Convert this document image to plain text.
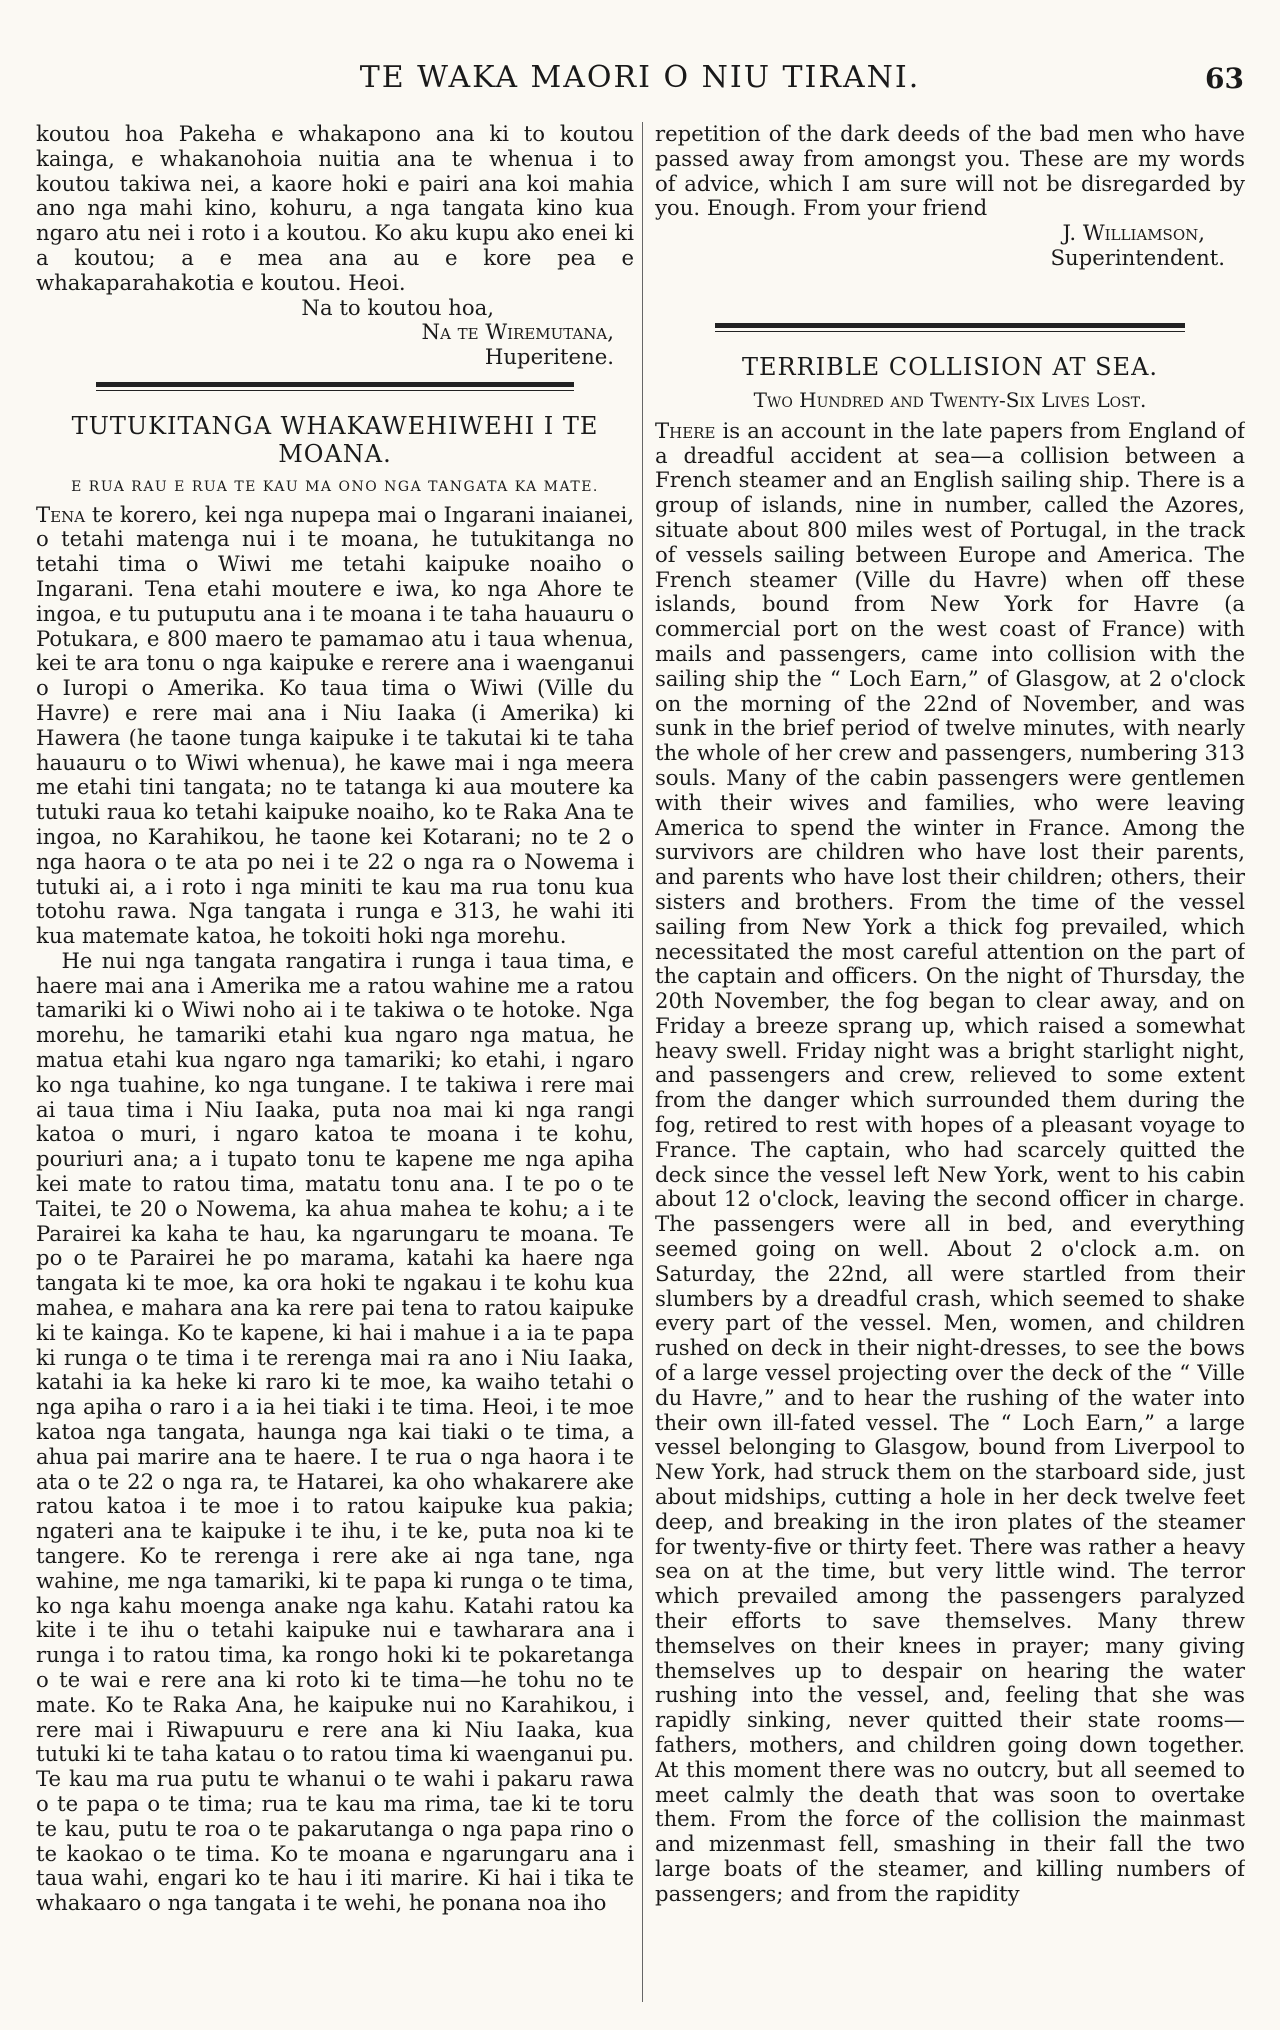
TE WAKA MAORI O NIU TIRANI.	63

koutou hoa Pakeha e whakapono ana ki to koutou kainga, e whakanohoia nuitia ana te whenua i to koutou takiwa nei, a kaore hoki e pairi ana koi mahia ano nga mahi kino, kohuru, a nga tangata kino kua ngaro atu nei i roto i a koutou. Ko aku kupu ako enei ki a koutou; a e mea ana au e kore pea e whakaparahakotia e koutou. Heoi.

Na to koutou hoa,

Na te Wiremutana,

Huperitene.

TUTUKITANGA WHAKAWEHIWEHI I TE MOANA.
E RUA RAU E RUA TE KAU MA ONO NGA TANGATA KA MATE.

Tena te korero, kei nga nupepa mai o Ingarani inaianei, o tetahi matenga nui i te moana, he tutukitanga no tetahi tima o Wiwi me tetahi kaipuke noaiho o Ingarani. Tena etahi moutere e iwa, ko nga Ahore te ingoa, e tu putuputu ana i te moana i te taha hauauru o Potukara, e 800 maero te pamamao atu i taua whenua, kei te ara tonu o nga kaipuke e rerere ana i waenganui o Iuropi o Amerika. Ko taua tima o Wiwi (Ville du Havre) e rere mai ana i Niu Iaaka (i Amerika) ki Hawera (he taone tunga kaipuke i te takutai ki te taha hauauru o to Wiwi whenua), he kawe mai i nga meera me etahi tini tangata; no te tatanga ki aua moutere ka tutuki raua ko tetahi kaipuke noaiho, ko te Raka Ana te ingoa, no Karahikou, he taone kei Kotarani; no te 2 o nga haora o te ata po nei i te 22 o nga ra o Nowema i tutuki ai, a i roto i nga miniti te kau ma rua tonu kua totohu rawa. Nga tangata i runga e 313, he wahi iti kua matemate katoa, he tokoiti hoki nga morehu.

He nui nga tangata rangatira i runga i taua tima, e haere mai ana i Amerika me a ratou wahine me a ratou tamariki ki o Wiwi noho ai i te takiwa o te hotoke. Nga morehu, he tamariki etahi kua ngaro nga matua, he matua etahi kua ngaro nga tamariki; ko etahi, i ngaro ko nga tuahine, ko nga tungane. I te takiwa i rere mai ai taua tima i Niu Iaaka, puta noa mai ki nga rangi katoa o muri, i ngaro katoa te moana i te kohu, pouriuri ana; a i tupato tonu te kapene me nga apiha kei mate to ratou tima, matatu tonu ana. I te po o te Taitei, te 20 o Nowema, ka ahua mahea te kohu; a i te Parairei ka kaha te hau, ka ngarungaru te moana. Te po o te Parairei he po marama, katahi ka haere nga tangata ki te moe, ka ora hoki te ngakau i te kohu kua mahea, e mahara ana ka rere pai tena to ratou kaipuke ki te kainga. Ko te kapene, ki hai i mahue i a ia te papa ki runga o te tima i te rerenga mai ra ano i Niu Iaaka, katahi ia ka heke ki raro ki te moe, ka waiho tetahi o nga apiha o raro i a ia hei tiaki i te tima. Heoi, i te moe katoa nga tangata, haunga nga kai tiaki o te tima, a ahua pai marire ana te haere. I te rua o nga haora i te ata o te 22 o nga ra, te Hatarei, ka oho whakarere ake ratou katoa i te moe i to ratou kaipuke kua pakia; ngateri ana te kaipuke i te ihu, i te ke, puta noa ki te tangere. Ko te rerenga i rere ake ai nga tane, nga wahine, me nga tamariki, ki te papa ki runga o te tima, ko nga kahu moenga anake nga kahu. Katahi ratou ka kite i te ihu o tetahi kaipuke nui e tawharara ana i runga i to ratou tima, ka rongo hoki ki te pokaretanga o te wai e rere ana ki roto ki te tima—he tohu no te mate. Ko te Raka Ana, he kaipuke nui no Karahikou, i rere mai i Riwapuuru e rere ana ki Niu Iaaka, kua tutuki ki te taha katau o to ratou tima ki waenganui pu. Te kau ma rua putu te whanui o te wahi i pakaru rawa o te papa o te tima; rua te kau ma rima, tae ki te toru te kau, putu te roa o te pakarutanga o nga papa rino o te kaokao o te tima. Ko te moana e ngarungaru ana i taua wahi, engari ko te hau i iti marire. Ki hai i tika te whakaaro o nga tangata i te wehi, he ponana noa iho

repetition of the dark deeds of the bad men who have passed away from amongst you. These are my words of advice, which I am sure will not be disregarded by you. Enough. From your friend

J. Williamson,

Superintendent.

TERRIBLE COLLISION AT SEA.
Two Hundred and Twenty-Six Lives Lost.

There is an account in the late papers from England of a dreadful accident at sea—a collision between a French steamer and an English sailing ship. There is a group of islands, nine in number, called the Azores, situate about 800 miles west of Portugal, in the track of vessels sailing between Europe and America. The French steamer (Ville du Havre) when off these islands, bound from New York for Havre (a commercial port on the west coast of France) with mails and passengers, came into collision with the sailing ship the “ Loch Earn,” of Glasgow, at 2 o'clock on the morning of the 22nd of November, and was sunk in the brief period of twelve minutes, with nearly the whole of her crew and passengers, numbering 313 souls. Many of the cabin passengers were gentlemen with their wives and families, who were leaving America to spend the winter in France. Among the survivors are children who have lost their parents, and parents who have lost their children; others, their sisters and brothers. From the time of the vessel sailing from New York a thick fog prevailed, which necessitated the most careful attention on the part of the captain and officers. On the night of Thursday, the 20th November, the fog began to clear away, and on Friday a breeze sprang up, which raised a somewhat heavy swell. Friday night was a bright starlight night, and passengers and crew, relieved to some extent from the danger which surrounded them during the fog, retired to rest with hopes of a pleasant voyage to France. The captain, who had scarcely quitted the deck since the vessel left New York, went to his cabin about 12 o'clock, leaving the second officer in charge. The passengers were all in bed, and everything seemed going on well. About 2 o'clock a.m. on Saturday, the 22nd, all were startled from their slumbers by a dreadful crash, which seemed to shake every part of the vessel. Men, women, and children rushed on deck in their night-dresses, to see the bows of a large vessel projecting over the deck of the “ Ville du Havre,” and to hear the rushing of the water into their own ill-fated vessel. The “ Loch Earn,” a large vessel belonging to Glasgow, bound from Liverpool to New York, had struck them on the starboard side, just about midships, cutting a hole in her deck twelve feet deep, and breaking in the iron plates of the steamer for twenty-five or thirty feet. There was rather a heavy sea on at the time, but very little wind. The terror which prevailed among the passengers paralyzed their efforts to save themselves. Many threw themselves on their knees in prayer; many giving themselves up to despair on hearing the water rushing into the vessel, and, feeling that she was rapidly sinking, never quitted their state rooms—fathers, mothers, and children going down together. At this moment there was no outcry, but all seemed to meet calmly the death that was soon to overtake them. From the force of the collision the mainmast and mizenmast fell, smashing in their fall the two large boats of the steamer, and killing numbers of passengers; and from the rapidity
